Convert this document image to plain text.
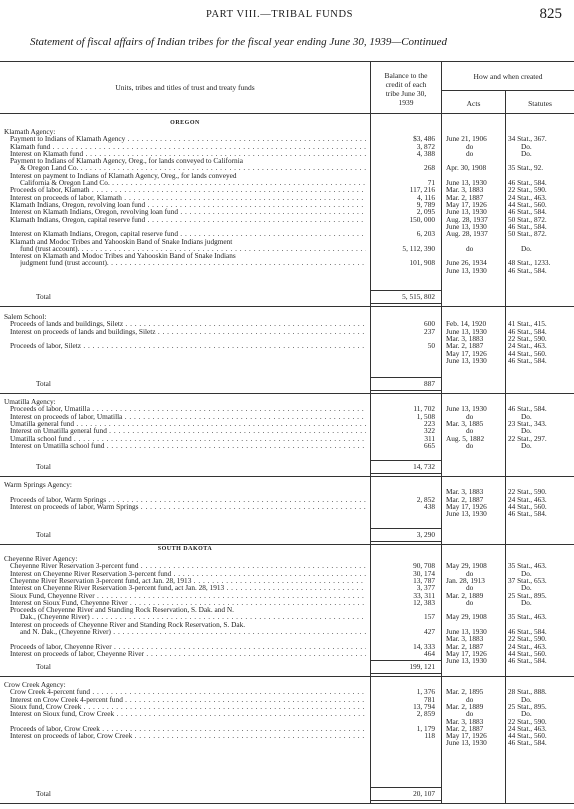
PART VIII.—TRIBAL FUNDS	825
Statement of fiscal affairs of Indian tribes for the fiscal year ending June 30, 1939—Continued
Units, tribes and titles of trust and treaty funds
Balance to the
credit of each
tribe June 30,
1939
How and when created
Acts	Statutes
OREGON
SOUTH DAKOTA
Klamath Agency:
Payment to Indians of Klamath Agency . . .	$3, 486 June 21, 1906	34 Stat., 367.
Klamath fund . . .	3, 872	do	Do.
Interest on Klamath fund . . .	4, 388	do	Do.
Payment to Indians of Klamath Agency, Oreg., for lands conveyed to California
& Oregon Land Co. . . .	268 Apr. 30, 1908	35 Stat., 92.
Interest on payment to Indians of Klamath Agency, Oreg., for lands conveyed
California & Oregon Land Co. . . .	71 June 13, 1930	46 Stat., 584.
Proceeds of labor, Klamath . . .	117, 216 Mar. 3, 1883	22 Stat., 590.
Interest on proceeds of labor, Klamath . . .	4, 116 Mar. 2, 1887	24 Stat., 463.
Klamath Indians, Oregon, revolving loan fund . . .	9, 789 May 17, 1926	44 Stat., 560.
Interest on Klamath Indians, Oregon, revolving loan fund . . .	2, 095 June 13, 1930	46 Stat., 584.
Klamath Indians, Oregon, capital reserve fund . . .	150, 000 Aug. 28, 1937	50 Stat., 872.
June 13, 1930	46 Stat., 584.
Interest on Klamath Indians, Oregon, capital reserve fund . . .	6, 203 Aug. 28, 1937	50 Stat., 872.
Klamath and Modoc Tribes and Yahooskin Band of Snake Indians judgment
fund (trust account). . . .	5, 112, 390	do	Do.
Interest on Klamath and Modoc Tribes and Yahooskin Band of Snake Indians
judgment fund (trust account). . . .	101, 908 June 26, 1934	48 Stat., 1233.
June 13, 1930	46 Stat., 584.
Total	5, 515, 802
Salem School:
Proceeds of lands and buildings, Siletz . . .	600 Feb. 14, 1920	41 Stat., 415.
Interest on proceeds of lands and buildings, Siletz . . .	237 June 13, 1930	46 Stat., 584.
Mar. 3, 1883	22 Stat., 590.
Proceeds of labor, Siletz . . .	50 Mar. 2, 1887	24 Stat., 463.
May 17, 1926	44 Stat., 560.
June 13, 1930	46 Stat., 584.
Total	887
Umatilla Agency:
Proceeds of labor, Umatilla . . .	11, 702 June 13, 1930	46 Stat., 584.
Interest on proceeds of labor, Umatilla . . .	1, 508	do	Do.
Umatilla general fund . . .	223 Mar. 3, 1885	23 Stat., 343.
Interest on Umatilla general fund . . .	322	do	Do.
Umatilla school fund . . .	311 Aug. 5, 1882	22 Stat., 297.
Interest on Umatilla school fund . . .	665	do	Do.
Total	14, 732
Warm Springs Agency:
Mar. 3, 1883	22 Stat., 590.
Proceeds of labor, Warm Springs . . .	2, 852 Mar. 2, 1887	24 Stat., 463.
Interest on proceeds of labor, Warm Springs . . .	438 May 17, 1926	44 Stat., 560.
June 13, 1930	46 Stat., 584.
Total	3, 290
Cheyenne River Agency:
Cheyenne River Reservation 3-percent fund . . .	90, 708 May 29, 1908	35 Stat., 463.
Interest on Cheyenne River Reservation 3-percent fund . . .	30, 174	do	Do.
Cheyenne River Reservation 3-percent fund, act Jan. 28, 1913 . . .	13, 787 Jan. 28, 1913	37 Stat., 653.
Interest on Cheyenne River Reservation 3-percent fund, act Jan. 28, 1913 . . .	3, 377	do	Do.
Sioux Fund, Cheyenne River . . .	33, 311 Mar. 2, 1889	25 Stat., 895.
Interest on Sioux Fund, Cheyenne River . . .	12, 383	do	Do.
Proceeds of Cheyenne River and Standing Rock Reservation, S. Dak. and N.
Dak., (Cheyenne River) . . .	157 May 29, 1908	35 Stat., 463.
Interest on proceeds of Cheyenne River and Standing Rock Reservation, S. Dak.
and N. Dak., (Cheyenne River) . . .	427 June 13, 1930	46 Stat., 584.
Mar. 3, 1883	22 Stat., 590.
Proceeds of labor, Cheyenne River . . .	14, 333 Mar. 2, 1887	24 Stat., 463.
Interest on proceeds of labor, Cheyenne River . . .	464 May 17, 1926	44 Stat., 560.
June 13, 1930	46 Stat., 584.
Total	199, 121
Crow Creek Agency:
Crow Creek 4-percent fund . . .	1, 376 Mar. 2, 1895	28 Stat., 888.
Interest on Crow Creek 4-percent fund . . .	781	do	Do.
Sioux fund, Crow Creek . . .	13, 794 Mar. 2, 1889	25 Stat., 895.
Interest on Sioux fund, Crow Creek . . .	2, 859	do	Do.
Mar. 3, 1883	22 Stat., 590.
Proceeds of labor, Crow Creek . . .	1, 179 Mar. 2, 1887	24 Stat., 463.
Interest on proceeds of labor, Crow Creek . . .	118 May 17, 1926	44 Stat., 560.
June 13, 1930	46 Stat., 584.
Total	20, 107
